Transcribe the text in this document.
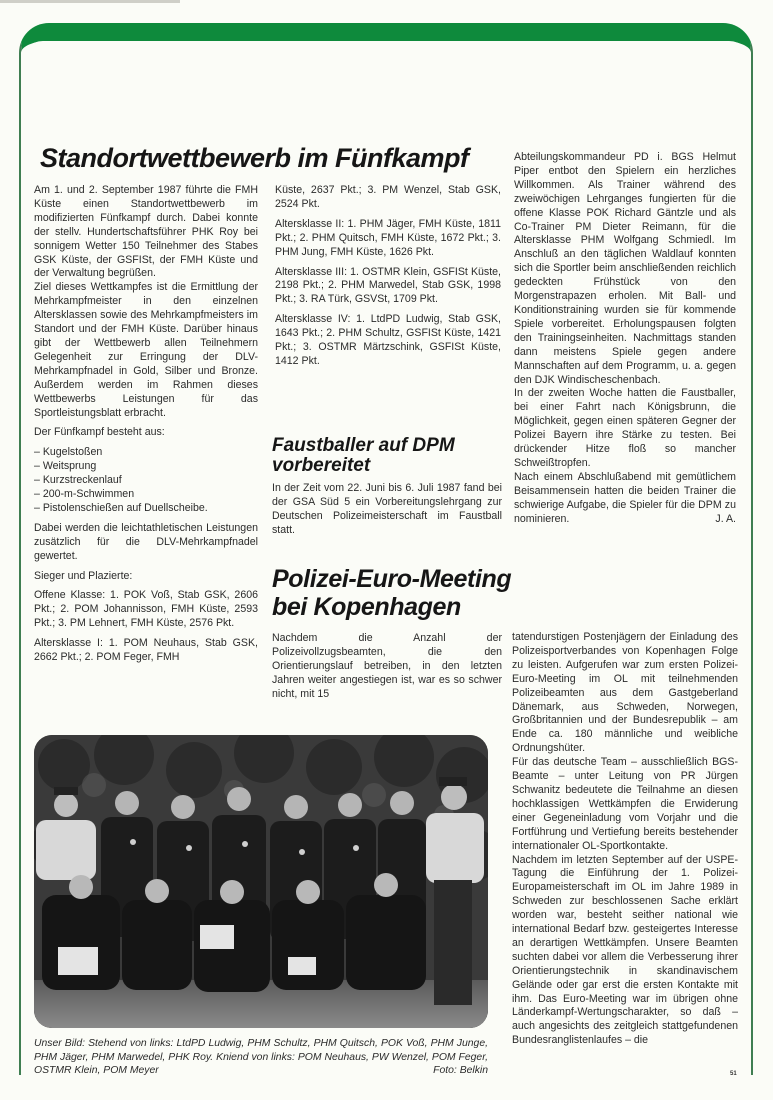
Standortwettbewerb im Fünfkampf

Am 1. und 2. September 1987 führte die FMH Küste einen Standortwettbewerb im modifizierten Fünfkampf durch. Dabei konnte der stellv. Hundertschaftsführer PHK Roy bei sonnigem Wetter 150 Teilnehmer des Stabes GSK Küste, der GSFISt, der FMH Küste und der Verwaltung begrüßen.

Ziel dieses Wettkampfes ist die Ermittlung der Mehrkampfmeister in den einzelnen Altersklassen sowie des Mehrkampfmeisters im Standort und der FMH Küste. Darüber hinaus gibt der Wettbewerb allen Teilnehmern Gelegenheit zur Erringung der DLV-Mehrkampfnadel in Gold, Silber und Bronze. Außerdem werden im Rahmen dieses Wettbewerbs Leistungen für das Sportleistungsblatt erbracht.

Der Fünfkampf besteht aus:

– Kugelstoßen
– Weitsprung
– Kurzstreckenlauf
– 200-m-Schwimmen
– Pistolenschießen auf Duellscheibe.

Dabei werden die leichtathletischen Leistungen zusätzlich für die DLV-Mehrkampfnadel gewertet.

Sieger und Plazierte:

Offene Klasse: 1. POK Voß, Stab GSK, 2606 Pkt.; 2. POM Johannisson, FMH Küste, 2593 Pkt.; 3. PM Lehnert, FMH Küste, 2576 Pkt.

Altersklasse I: 1. POM Neuhaus, Stab GSK, 2662 Pkt.; 2. POM Feger, FMH

Küste, 2637 Pkt.; 3. PM Wenzel, Stab GSK, 2524 Pkt.

Altersklasse II: 1. PHM Jäger, FMH Küste, 1811 Pkt.; 2. PHM Quitsch, FMH Küste, 1672 Pkt.; 3. PHM Jung, FMH Küste, 1626 Pkt.

Altersklasse III: 1. OSTMR Klein, GSFISt Küste, 2198 Pkt.; 2. PHM Marwedel, Stab GSK, 1998 Pkt.; 3. RA Türk, GSVSt, 1709 Pkt.

Altersklasse IV: 1. LtdPD Ludwig, Stab GSK, 1643 Pkt.; 2. PHM Schultz, GSFISt Küste, 1421 Pkt.; 3. OSTMR Märtzschink, GSFISt Küste, 1412 Pkt.

Faustballer auf DPM vorbereitet

In der Zeit vom 22. Juni bis 6. Juli 1987 fand bei der GSA Süd 5 ein Vorbereitungslehrgang zur Deutschen Polizeimeisterschaft im Faustball statt.

Abteilungskommandeur PD i. BGS Helmut Piper entbot den Spielern ein herzliches Willkommen. Als Trainer während des zweiwöchigen Lehrganges fungierten für die offene Klasse POK Richard Gäntzle und als Co-Trainer PM Dieter Reimann, für die Altersklasse PHM Wolfgang Schmiedl. Im Anschluß an den täglichen Waldlauf konnten sich die Sportler beim anschließenden reichlich gedeckten Frühstück von den Morgenstrapazen erholen. Mit Ball- und Konditionstraining wurden sie für kommende Spiele vorbereitet. Erholungspausen folgten den Trainingseinheiten. Nachmittags standen dann meistens Spiele gegen andere Mannschaften auf dem Programm, u. a. gegen den DJK Windischeschenbach.

In der zweiten Woche hatten die Faustballer, bei einer Fahrt nach Königsbrunn, die Möglichkeit, gegen einen späteren Gegner der Polizei Bayern ihre Stärke zu testen. Bei drückender Hitze floß so mancher Schweißtropfen.

Nach einem Abschlußabend mit gemütlichem Beisammensein hatten die beiden Trainer die schwierige Aufgabe, die Spieler für die DPM zu nominieren.	J. A.

Polizei-Euro-Meeting bei Kopenhagen

Nachdem die Anzahl der Polizeivollzugsbeamten, die den Orientierungslauf betreiben, in den letzten Jahren weiter angestiegen ist, war es so schwer nicht, mit 15

tatendurstigen Postenjägern der Einladung des Polizeisportverbandes von Kopenhagen Folge zu leisten. Aufgerufen war zum ersten Polizei-Euro-Meeting im OL mit teilnehmenden Polizeibeamten aus dem Gastgeberland Dänemark, aus Schweden, Norwegen, Großbritannien und der Bundesrepublik – am Ende ca. 180 männliche und weibliche Ordnungshüter.

Für das deutsche Team – ausschließlich BGS-Beamte – unter Leitung von PR Jürgen Schwanitz bedeutete die Teilnahme an diesen hochklassigen Wettkämpfen die Erwiderung einer Gegeneinladung vom Vorjahr und die Fortführung und Vertiefung bereits bestehender internationaler OL-Sportkontakte.

Nachdem im letzten September auf der USPE-Tagung die Einführung der 1. Polizei-Europameisterschaft im OL im Jahre 1989 in Schweden zur beschlossenen Sache erklärt worden war, besteht seither national wie international Bedarf bzw. gesteigertes Interesse an derartigen Wettkämpfen. Unsere Beamten suchten dabei vor allem die Verbesserung ihrer Orientierungstechnik in skandinavischem Gelände oder gar erst die ersten Kontakte mit ihm. Das Euro-Meeting war im übrigen ohne Länderkampf-Wertungscharakter, so daß – auch angesichts des zeitgleich stattgefundenen Bundesranglistenlaufes – die

Unser Bild: Stehend von links: LtdPD Ludwig, PHM Schultz, PHM Quitsch, POK Voß, PHM Junge, PHM Jäger, PHM Marwedel, PHK Roy. Kniend von links: POM Neuhaus, PW Wenzel, POM Feger, OSTMR Klein, POM Meyer	Foto: Belkin	51
